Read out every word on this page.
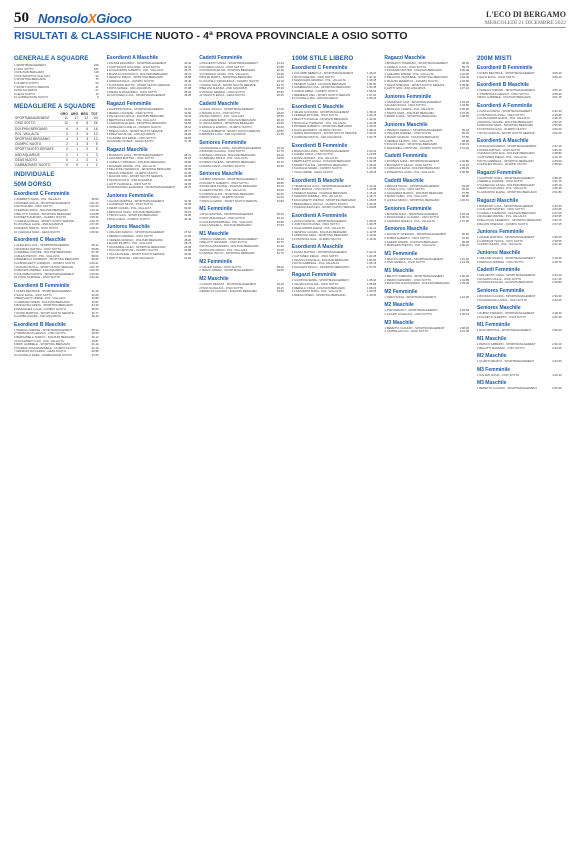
50 NonsoloXGioco	L'ECO DI BERGAMO
MERCOLEDÌ 21 DICEMBRE 2022
RISULTATI & CLASSIFICHE NUOTO - 4ª PROVA PROVINCIALE A OSIO SOTTO
GENERALE A SQUADRE
1 SPORTMANAGEMENT	229
2 OSIO SOTTO	187
3 DOLPHIN BERGAMO	118
4 POLISPORTIVA VALLALTA	90
5 SPORTING BERGAMO	75
6 OLIMPIC NUOTO	63
7 SPORT NUOTO SERIATE	41
8 ASD AQUARIUS	27
9 GEAS NUOTO	13
10 GARBAGNATE NUOTO	9
MEDAGLIERE A SQUADRE
	ORO	ARG	BRO	TOT
SPORTMANAGEMENT	11	17	12	40
OSIO SOTTO	12	6	8	26
DOLPHIN BERGAMO	6	4	6	16
POL. VALLALTA	4	3	6	13
SPORTING BERGAMO	4	3	3	10
OLIMPIC NUOTO	2	3	3	8
SPORT NUOTO SERIATE	2	1	2	5
ASD AQUARIUS	1	1	1	3
GEAS NUOTO	0	1	0	1
GARBAGNATE NUOTO	0	0	1	1
INDIVIDUALE
50M DORSO
Esordienti C Femminile
1 ZAMBETTI ANNA - POL. VALLALTA	59.50
2 PANSERI GIULIA - SPORTMANAGEMENT	1:01.20
3 ROTA EMMA - OSIO SOTTO	1:02.44
4 FERRARI SOFIA - DOLPHIN BERGAMO	1:03.10
5 BELOTTI CHIARA - SPORTING BERGAMO	1:04.88
6 MORETTI AURORA - OLIMPIC NUOTO	1:05.32
7 CORNA GIORGIA - SPORT NUOTO SERIATE	1:06.70
8 LOCATELLI ALICE - ASD AQUARIUS	1:07.45
9 PESENTI MARTA - OSIO SOTTO	1:08.12
10 CAVAGNA SARA - GEAS NUOTO	1:09.90
Esordienti C Maschile
1 GHISLENI LUCA - SPORTMANAGEMENT	55.12
2 RONZONI MATTEO - OSIO SOTTO	56.80
3 CERIBELLI DAVIDE - DOLPHIN BERGAMO	57.45
4 MILESI PIETRO - POL. VALLALTA	58.03
5 BREMBILLA TOMMASO - SPORTING BERGAMO	59.66
6 ALBORGHETTI LORENZO - OLIMPIC NUOTO	1:00.21
7 PAGANI NICOLA - SPORT NUOTO SERIATE	1:01.78
8 MAFFEIS ANDREA - ASD AQUARIUS	1:02.30
9 COLOMBO FILIPPO - SPORTMANAGEMENT	1:03.95
10 VITALI SAMUELE - OSIO SOTTO	1:04.40
Esordienti B Femminile
1 NORIS BEATRICE - SPORTMANAGEMENT	41.20
2 SALVI ELISA - OSIO SOTTO	42.05
3 BERTULETTI IRENE - POL. VALLALTA	42.88
4 CARRARA NOEMI - DOLPHIN BERGAMO	43.61
5 BONACINA GRETA - SPORTING BERGAMO	44.30
6 MAZZOLENI LUCIA - OLIMPIC NUOTO	45.02
7 ROSSI MARTINA - SPORT NUOTO SERIATE	45.77
8 GAMBA CHIARA - ASD AQUARIUS	46.40
Esordienti B Maschile
1 PEREGO SIMONE - SPORTMANAGEMENT	38.90
2 TIRABOSCHI ALESSIO - OSIO SOTTO	39.55
3 BERGAMELLI MARCO - DOLPHIN BERGAMO	40.12
4 FACCHINETTI LEO - POL. VALLALTA	40.87
5 BIFFI GABRIELE - SPORTING BERGAMO	41.44
6 PIAZZALUNGA EMANUELE - OLIMPIC NUOTO	42.10
7 MANZONI RICCARDO - GEAS NUOTO	42.95
8 LOCATELLI ENEA - GARBAGNATE NUOTO	43.60
Esordienti A Maschile
1 ZANCHI EDOARDO - SPORTMANAGEMENT	33.40
2 CORTINOVIS GIACOMO - OSIO SOTTO	34.02
3 GUALANDRIS ALBERTO - POL. VALLALTA	34.75
4 MAZZUCCONI PAOLO - DOLPHIN BERGAMO	35.21
5 NESPOLI DIEGO - SPORTING BERGAMO	35.88
6 ARRIGONI ELIA - OLIMPIC NUOTO	36.40
7 FUSTINONI MATTIA - SPORT NUOTO SERIATE	37.12
8 ROTA GIOELE - ASD AQUARIUS	37.96
9 PANZA ALESSANDRO - OSIO SOTTO	38.44
10 CATTANEO LUCA - SPORTMANAGEMENT	39.05
Ragazzi Femminile
1 GIUPPONI SOFIA - SPORTMANAGEMENT	32.15
2 MERELLI AGNESE - OSIO SOTTO	32.80
3 VALSECCHI GIULIA - DOLPHIN BERGAMO	33.42
4 BERTOCCHI ANNA - POL. VALLALTA	33.90
5 LAZZARONI ELENA - SPORTING BERGAMO	34.55
6 OPREANDI CAMILLA - OLIMPIC NUOTO	35.10
7 BRENA VIOLA - SPORT NUOTO SERIATE	35.77
8 PREVITALI ALICE - ASD AQUARIUS	36.20
9 SCARPELLINI EMMA - OSIO SOTTO	36.84
10 RAVASIO NOEMI - GEAS NUOTO	37.40
Ragazzi Maschile
1 BONFANTI LUCA - SPORTMANAGEMENT	28.70
2 GHILARDI MATTEO - OSIO SOTTO	29.15
3 CAPELLI TOMMASO - DOLPHIN BERGAMO	29.80
4 RUGGERI DAVIDE - POL. VALLALTA	30.22
5 PELLICIOLI FEDERICO - SPORTING BERGAMO	30.95
6 BALDIS STEFANO - OLIMPIC NUOTO	31.40
7 MAGONI IVAN - SPORT NUOTO SERIATE	31.88
8 TESTA NICOLÒ - ASD AQUARIUS	32.50
9 GOTTI SAMUELE - OSIO SOTTO	33.05
10 FRANCHINA LEONARDO - SPORTMANAGEMENT	33.70
Juniores Femminile
1 AGAZZI MARTINA - SPORTMANAGEMENT	31.40
2 CARMINATI SILVIA - OSIO SOTTO	31.95
3 FERRI CHIARA - POL. VALLALTA	32.60
4 BRIGNOLI SARA - DOLPHIN BERGAMO	33.15
5 TIRONI GAIA - SPORTING BERGAMO	33.80
6 BUSI ILARIA - OLIMPIC NUOTO	34.40
Juniores Maschile
1 ORLANDI MARCO - SPORTMANAGEMENT	27.10
2 PERSICO ANDREA - OSIO SOTTO	27.65
3 CEREDA GIORGIO - DOLPHIN BERGAMO	28.20
4 MAGRI FILIPPO - POL. VALLALTA	28.75
5 SIGNORELLI ALEX - SPORTING BERGAMO	29.30
6 POLONI CRISTIAN - OLIMPIC NUOTO	29.88
7 VILLA DANIELE - SPORT NUOTO SERIATE	30.45
8 GRITTI MANUEL - ASD AQUARIUS	31.00
Cadetti Femminile
1 MALVESTITI ANNA - SPORTMANAGEMENT	31.20
2 ROVARIS GIULIA - OSIO SOTTO	31.85
3 DONADONI ELISA - DOLPHIN BERGAMO	32.40
4 CORNAGO LAURA - POL. VALLALTA	32.95
5 BONZI MARTA - SPORTING BERGAMO	33.60
6 LOCATELLI FRANCESCA - OLIMPIC NUOTO	34.10
7 MOIOLI SOFIA - SPORT NUOTO SERIATE	34.75
8 BELLINI ALESSIA - ASD AQUARIUS	35.30
9 MANGILI SERENA - OSIO SOTTO	35.90
10 VANOTTI ERICA - GEAS NUOTO	36.45
Cadetti Maschile
1 CASALI PAOLO - SPORTMANAGEMENT	27.45
2 ZENONI LUCA - OSIO SOTTO	28.00
3 BOSIO MARCO - POL. VALLALTA	28.55
4 GAVAZZENI FABIO - DOLPHIN BERGAMO	29.10
5 LONGHI MIRKO - SPORTING BERGAMO	29.65
6 SANGALLI ENRICO - OLIMPIC NUOTO	30.20
7 TASCA ROBERTO - SPORT NUOTO SERIATE	30.80
8 ARMANNI LUIGI - ASD AQUARIUS	31.35
Seniores Femminile
1 PAGNONCELLI ANNA - SPORTMANAGEMENT	32.10
2 BONOMI CLAUDIA - OSIO SOTTO	32.75
3 SPINELLI MONICA - DOLPHIN BERGAMO	33.40
4 CARRARA PAOLA - POL. VALLALTA	34.05
5 FORESTI ELENA - SPORTING BERGAMO	34.70
6 MAZZA GIADA - OLIMPIC NUOTO	35.30
Seniores Maschile
1 RUBINI STEFANO - SPORTMANAGEMENT	28.20
2 FACOETTI ALBERTO - OSIO SOTTO	28.85
3 MARCHESI DAVIDE - DOLPHIN BERGAMO	29.40
4 GHEZZI PIETRO - POL. VALLALTA	30.00
5 CORTESI ALDO - SPORTING BERGAMO	30.65
6 BRAVI MARIO - OLIMPIC NUOTO	31.20
7 PIROLA GIANNI - SPORT NUOTO SERIATE	31.80
M1 Femminile
1 RIVA CRISTINA - SPORTMANAGEMENT	35.40
2 FRATUS DANIELA - OSIO SOTTO	36.10
3 COLLEONI BARBARA - POL. VALLALTA	36.85
4 SALA MICHELA - DOLPHIN BERGAMO	37.50
M1 Maschile
1 PERICO FABRIZIO - SPORTMANAGEMENT	30.10
2 BELOTTI MASSIMO - OSIO SOTTO	30.75
3 ROTA ALESSANDRO - DOLPHIN BERGAMO	31.40
4 MOSCONI DARIO - POL. VALLALTA	32.05
5 CAPPELLINI IVO - SPORTING BERGAMO	32.70
M2 Femminile
1 GALIZZI SONIA - OSIO SOTTO	38.20
2 TERZI LORENA - SPORTMANAGEMENT	39.05
M2 Maschile
1 QUARTI RENATO - SPORTMANAGEMENT	32.40
2 PIZZI GIANLUCA - OSIO SOTTO	33.15
3 BERETTA CLAUDIO - DOLPHIN BERGAMO	33.90
100M STILE LIBERO
Esordienti C Femminile
1 COLOMBI REBECCA - SPORTMANAGEMENT	1:45.20
2 ROTA GINEVRA - OSIO SOTTO	1:47.10
3 MAZZOLENI ARIANNA - POL. VALLALTA	1:49.35
4 PESENTI CLARA - DOLPHIN BERGAMO	1:51.80
5 GAMBIRASIO LISA - SPORTING BERGAMO	1:53.45
6 CORNA EMMA - OLIMPIC NUOTO	1:55.02
7 BREMBATI ASIA - SPORT NUOTO SERIATE	1:57.60
8 LOCATELLI MIA - ASD AQUARIUS	1:59.14
Esordienti C Maschile
1 MILESI GIOVANNI - SPORTMANAGEMENT	1:38.40
2 FERRARI ETTORE - OSIO SOTTO	1:40.15
3 BELOTTI ACHILLE - DOLPHIN BERGAMO	1:42.30
4 RONCALLI TOMMASO - POL. VALLALTA	1:44.05
5 PANSERI ALBERTO - SPORTING BERGAMO	1:46.20
6 SALVI EDOARDO - OLIMPIC NUOTO	1:48.10
7 NORIS FRANCESCO - SPORT NUOTO SERIATE	1:50.40
8 CARRARA MATTIA - ASD AQUARIUS	1:52.75
Esordienti B Femminile
1 BONACINA LINDA - SPORTMANAGEMENT	1:20.10
2 GAMBA SOFIA - OSIO SOTTO	1:21.85
3 ROSSI AURORA - POL. VALLALTA	1:23.40
4 BERTULETTI GIULIA - DOLPHIN BERGAMO	1:24.95
5 MORETTI ALICE - SPORTING BERGAMO	1:26.30
6 CAVAGNA NOEMI - OLIMPIC NUOTO	1:27.80
7 VITALI IRENE - GEAS NUOTO	1:29.15
Esordienti B Maschile
1 TIRABOSCHI LUCA - SPORTMANAGEMENT	1:12.40
2 BIFFI MARCO - OSIO SOTTO	1:13.95
3 PEREGO DAVIDE - DOLPHIN BERGAMO	1:15.20
4 MANZONI ANDREA - POL. VALLALTA	1:16.70
5 FACCHINETTI PIETRO - SPORTING BERGAMO	1:18.05
6 BERGAMELLI NICOLA - OLIMPIC NUOTO	1:19.40
7 PIAZZALUNGA LEO - SPORT NUOTO SERIATE	1:20.85
Esordienti A Femminile
1 ZANCHI MARTA - SPORTMANAGEMENT	1:08.30
2 CORTINOVIS ANNA - OSIO SOTTO	1:09.75
3 GUALANDRIS ELENA - POL. VALLALTA	1:11.10
4 NESPOLI CHIARA - DOLPHIN BERGAMO	1:12.55
5 ARRIGONI SARA - SPORTING BERGAMO	1:13.90
6 FUSTINONI GAIA - OLIMPIC NUOTO	1:15.30
Esordienti A Maschile
1 PANZA MATTEO - SPORTMANAGEMENT	1:02.10
2 CATTANEO DIEGO - OSIO SOTTO	1:03.45
3 MAZZUCCONI ELIA - DOLPHIN BERGAMO	1:04.80
4 ROTA GABRIELE - POL. VALLALTA	1:06.15
5 GHISLENI PAOLO - SPORTING BERGAMO	1:07.50
Ragazzi Femminile
1 GIUPPONI EMMA - SPORTMANAGEMENT	1:05.40
2 VALSECCHI ALICE - OSIO SOTTO	1:06.85
3 MERELLI VIOLA - DOLPHIN BERGAMO	1:08.20
4 LAZZARONI SOFIA - POL. VALLALTA	1:09.55
5 BRENA NOEMI - SPORTING BERGAMO	1:10.90
Ragazzi Maschile
1 BONFANTI TOMMASO - SPORTMANAGEMENT	58.40
2 CAPELLI LUCA - OSIO SOTTO	59.75
3 RUGGERI MATTEO - DOLPHIN BERGAMO	1:00.90
4 GHILARDI DAVIDE - POL. VALLALTA	1:02.05
5 PELLICIOLI SAMUELE - SPORTING BERGAMO	1:03.30
6 MAGONI FEDERICO - OLIMPIC NUOTO	1:04.55
7 TESTA STEFANO - SPORT NUOTO SERIATE	1:05.80
8 GOTTI IVAN - ASD AQUARIUS	1:07.10
Juniores Femminile
1 CARMINATI GAIA - SPORTMANAGEMENT	1:03.20
2 AGAZZI SILVIA - OSIO SOTTO	1:04.55
3 BRIGNOLI CHIARA - POL. VALLALTA	1:05.90
4 TIRONI SARA - DOLPHIN BERGAMO	1:07.25
5 FERRI ILARIA - SPORTING BERGAMO	1:08.60
Juniores Maschile
1 PERSICO MARCO - SPORTMANAGEMENT	55.10
2 ORLANDI ANDREA - OSIO SOTTO	56.40
3 MAGRI GIORGIO - DOLPHIN BERGAMO	57.65
4 CEREDA FILIPPO - POL. VALLALTA	58.90
5 POLONI ALEX - SPORTING BERGAMO	1:00.15
6 SIGNORELLI CRISTIAN - OLIMPIC NUOTO	1:01.40
Cadetti Femminile
1 ROVARIS ANNA - SPORTMANAGEMENT	1:02.80
2 MALVESTITI GIULIA - OSIO SOTTO	1:04.10
3 CORNAGO ELISA - DOLPHIN BERGAMO	1:05.45
4 DONADONI LAURA - POL. VALLALTA	1:06.80
Cadetti Maschile
1 ZENONI PAOLO - SPORTMANAGEMENT	54.90
2 CASALI LUCA - OSIO SOTTO	56.20
3 GAVAZZENI MARCO - DOLPHIN BERGAMO	57.55
4 BOSIO FABIO - POL. VALLALTA	58.85
5 LONGHI MIRKO - SPORTING BERGAMO	1:00.10
Seniores Femminile
1 BONOMI ANNA - SPORTMANAGEMENT	1:04.30
2 PAGNONCELLI CLAUDIA - OSIO SOTTO	1:05.70
3 CARRARA MONICA - POL. VALLALTA	1:07.05
Seniores Maschile
1 FACOETTI STEFANO - SPORTMANAGEMENT	56.30
2 RUBINI ALBERTO - OSIO SOTTO	57.65
3 GHEZZI DAVIDE - DOLPHIN BERGAMO	58.90
4 MARCHESI PIETRO - POL. VALLALTA	1:00.20
M1 Femminile
1 FRATUS CRISTINA - SPORTMANAGEMENT	1:10.40
2 RIVA DANIELA - OSIO SOTTO	1:12.05
M1 Maschile
1 BELOTTI FABRIZIO - SPORTMANAGEMENT	1:00.30
2 PERICO MASSIMO - OSIO SOTTO	1:01.85
3 MOSCONI ALESSANDRO - DOLPHIN BERGAMO	1:03.20
M2 Femminile
1 TERZI SONIA - SPORTMANAGEMENT	1:16.20
M2 Maschile
1 PIZZI RENATO - SPORTMANAGEMENT	1:04.60
2 QUARTI GIANLUCA - OSIO SOTTO	1:06.10
M3 Maschile
1 BERETTA CLAUDIO - SPORTMANAGEMENT	1:08.40
2 CAPPELLINI IVO - OSIO SOTTO	1:10.05
200M MISTI
Esordienti B Femminile
1 NORIS BEATRICE - SPORTMANAGEMENT	3:05.40
2 SALVI ELISA - OSIO SOTTO	3:09.20
Esordienti B Maschile
1 PEREGO SIMONE - SPORTMANAGEMENT	2:55.10
2 TIRABOSCHI ALESSIO - OSIO SOTTO	2:58.40
3 BIFFI GABRIELE - DOLPHIN BERGAMO	3:01.75
Esordienti A Femminile
1 ZANCHI MARTA - SPORTMANAGEMENT	2:42.30
2 CORTINOVIS ANNA - OSIO SOTTO	2:45.80
3 GUALANDRIS ELENA - POL. VALLALTA	2:49.15
4 NESPOLI CHIARA - DOLPHIN BERGAMO	2:52.40
5 ARRIGONI SARA - SPORTING BERGAMO	2:55.90
6 FUSTINONI GAIA - OLIMPIC NUOTO	2:59.20
7 ROTA GIORGIA - SPORT NUOTO SERIATE	3:02.65
Esordienti A Maschile
1 ZANCHI EDOARDO - SPORTMANAGEMENT	2:32.10
2 PANZA MATTEO - OSIO SOTTO	2:35.45
3 MAZZUCCONI ELIA - DOLPHIN BERGAMO	2:38.80
4 CATTANEO DIEGO - POL. VALLALTA	2:42.15
5 ROTA GABRIELE - SPORTING BERGAMO	2:45.50
6 GHISLENI PAOLO - OLIMPIC NUOTO	2:48.90
Ragazzi Femminile
1 GIUPPONI SOFIA - SPORTMANAGEMENT	2:38.40
2 MERELLI AGNESE - OSIO SOTTO	2:41.75
3 VALSECCHI GIULIA - DOLPHIN BERGAMO	2:45.10
4 BERTOCCHI ANNA - POL. VALLALTA	2:48.45
5 LAZZARONI ELENA - SPORTING BERGAMO	2:51.80
Ragazzi Maschile
1 BONFANTI LUCA - SPORTMANAGEMENT	2:20.30
2 GHILARDI MATTEO - OSIO SOTTO	2:23.65
3 CAPELLI TOMMASO - DOLPHIN BERGAMO	2:27.00
4 RUGGERI DAVIDE - POL. VALLALTA	2:30.35
5 PELLICIOLI FEDERICO - SPORTING BERGAMO	2:33.70
6 BALDIS STEFANO - OLIMPIC NUOTO	2:37.05
Juniores Femminile
1 AGAZZI MARTINA - SPORTMANAGEMENT	2:35.20
2 CARMINATI SILVIA - OSIO SOTTO	2:38.55
3 FERRI CHIARA - POL. VALLALTA	2:41.90
Juniores Maschile
1 ORLANDI MARCO - SPORTMANAGEMENT	2:15.40
2 PERSICO ANDREA - OSIO SOTTO	2:18.75
Cadetti Femminile
1 MALVESTITI ANNA - SPORTMANAGEMENT	2:34.10
2 ROVARIS GIULIA - OSIO SOTTO	2:37.45
3 DONADONI ELISA - DOLPHIN BERGAMO	2:40.80
Seniores Femminile
1 BONOMI CLAUDIA - SPORTMANAGEMENT	2:39.30
2 PAGNONCELLI ANNA - OSIO SOTTO	2:42.65
Seniores Maschile
1 RUBINI STEFANO - SPORTMANAGEMENT	2:18.20
2 FACOETTI ALBERTO - OSIO SOTTO	2:21.55
M1 Femminile
1 RIVA CRISTINA - SPORTMANAGEMENT	2:58.40
M1 Maschile
1 PERICO FABRIZIO - SPORTMANAGEMENT	2:30.10
2 BELOTTI MASSIMO - OSIO SOTTO	2:33.45
M2 Maschile
1 QUARTI RENATO - SPORTMANAGEMENT	2:42.60
M3 Femminile
1 GALIZZI SONIA - OSIO SOTTO	3:20.40
M3 Maschile
1 BERETTA CLAUDIO - SPORTMANAGEMENT	2:55.30
